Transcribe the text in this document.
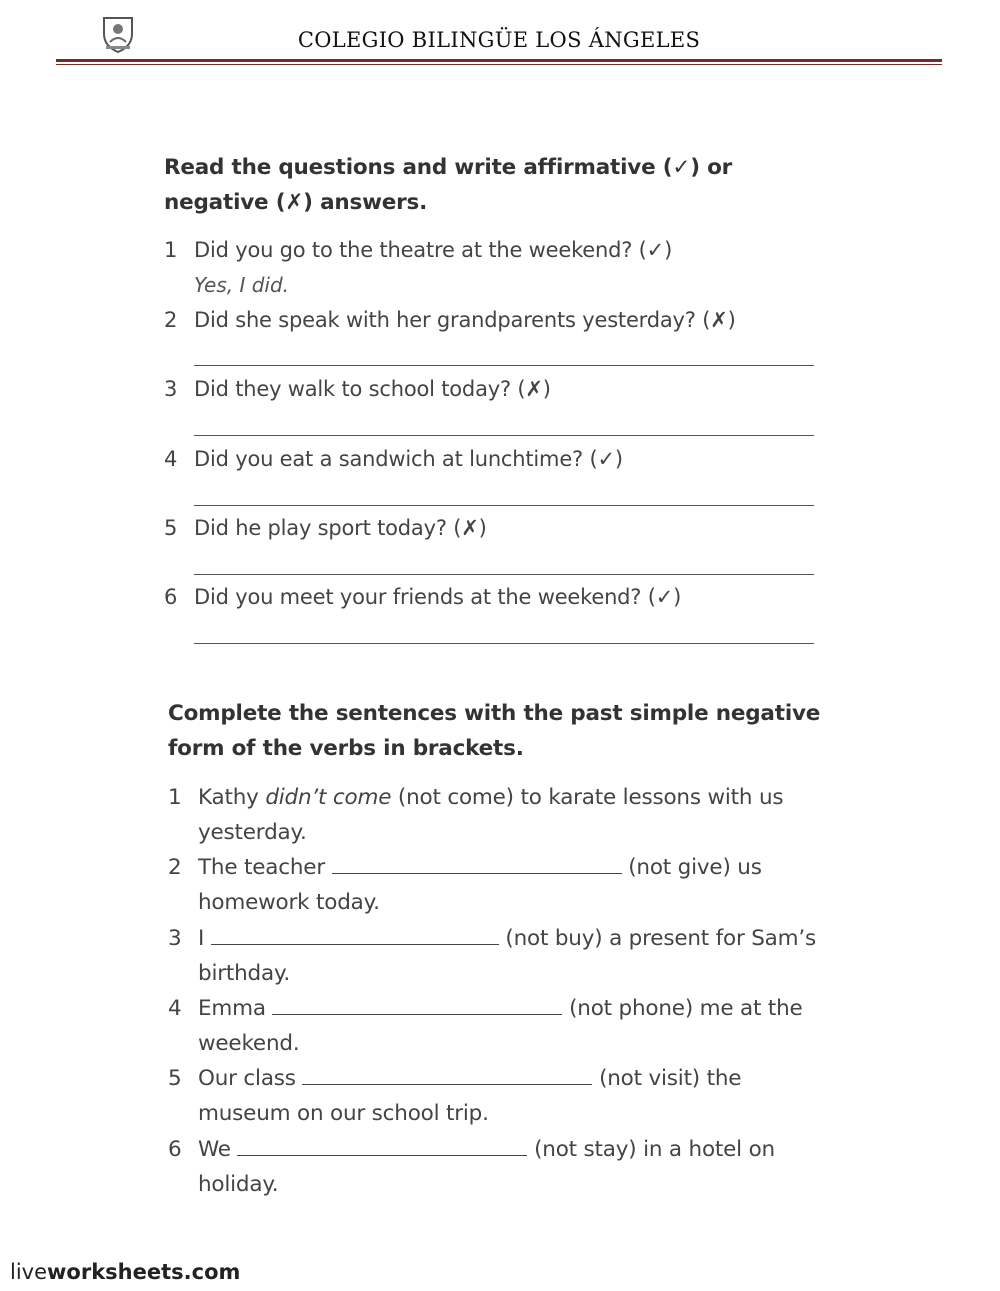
COLEGIO BILINGÜE LOS ÁNGELES
Read the questions and write affirmative (✓) or
negative (✗) answers.
1 Did you go to the theatre at the weekend? (✓)
Yes, I did.
2 Did she speak with her grandparents yesterday? (✗)
3 Did they walk to school today? (✗)
4 Did you eat a sandwich at lunchtime? (✓)
5 Did he play sport today? (✗)
6 Did you meet your friends at the weekend? (✓)
Complete the sentences with the past simple negative
form of the verbs in brackets.
1 Kathy didn’t come (not come) to karate lessons with us
yesterday.
2 The teacher	(not give) us
homework today.
3 I	(not buy) a present for Sam’s
birthday.
4 Emma	(not phone) me at the
weekend.
5 Our class	(not visit) the
museum on our school trip.
6 We	(not stay) in a hotel on
holiday.
liveworksheets.com
